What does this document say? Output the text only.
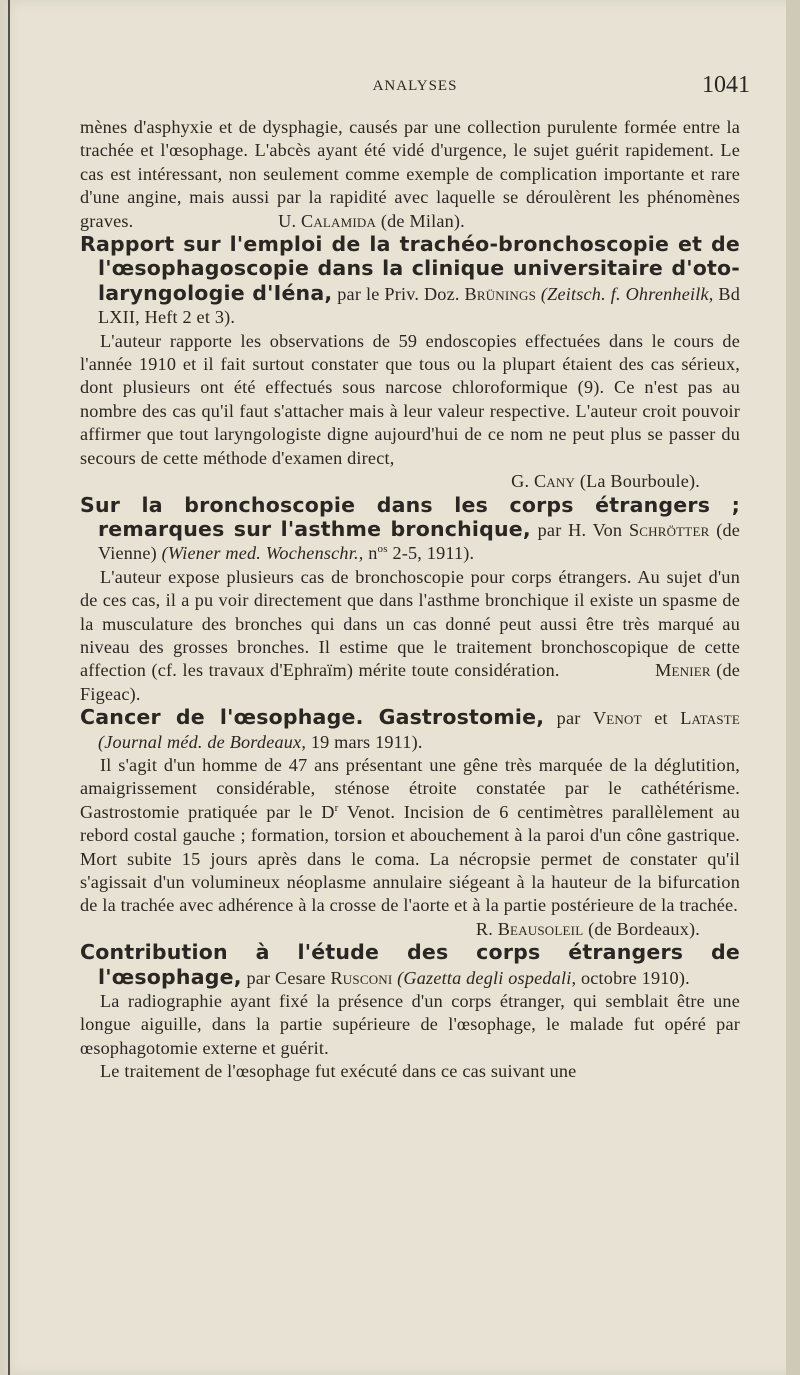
ANALYSES	1041

mènes d'asphyxie et de dysphagie, causés par une collection purulente formée entre la trachée et l'œsophage. L'abcès ayant été vidé d'urgence, le sujet guérit rapidement. Le cas est intéressant, non seulement comme exemple de complication importante et rare d'une angine, mais aussi par la rapidité avec laquelle se déroulèrent les phénomènes graves.	U. Calamida (de Milan).

Rapport sur l'emploi de la trachéo-bronchoscopie et de l'œsophagoscopie dans la clinique universitaire d'oto-laryngologie d'Iéna, par le Priv. Doz. Brünings (Zeitsch. f. Ohrenheilk, Bd LXII, Heft 2 et 3).

L'auteur rapporte les observations de 59 endoscopies effectuées dans le cours de l'année 1910 et il fait surtout constater que tous ou la plupart étaient des cas sérieux, dont plusieurs ont été effectués sous narcose chloroformique (9). Ce n'est pas au nombre des cas qu'il faut s'attacher mais à leur valeur respective. L'auteur croit pouvoir affirmer que tout laryngologiste digne aujourd'hui de ce nom ne peut plus se passer du secours de cette méthode d'examen direct,

G. Cany (La Bourboule).

Sur la bronchoscopie dans les corps étrangers ; remarques sur l'asthme bronchique, par H. Von Schrötter (de Vienne) (Wiener med. Wochenschr., $n^{os}$ 2-5, 1911).

L'auteur expose plusieurs cas de bronchoscopie pour corps étrangers. Au sujet d'un de ces cas, il a pu voir directement que dans l'asthme bronchique il existe un spasme de la musculature des bronches qui dans un cas donné peut aussi être très marqué au niveau des grosses bronches. Il estime que le traitement bronchoscopique de cette affection (cf. les travaux d'Ephraïm) mérite toute considération.	Menier (de Figeac).

Cancer de l'œsophage. Gastrostomie, par Venot et Lataste (Journal méd. de Bordeaux, 19 mars 1911).

Il s'agit d'un homme de 47 ans présentant une gêne très marquée de la déglutition, amaigrissement considérable, sténose étroite constatée par le cathétérisme. Gastrostomie pratiquée par le $D^r$ Venot. Incision de 6 centimètres parallèlement au rebord costal gauche ; formation, torsion et abouchement à la paroi d'un cône gastrique. Mort subite 15 jours après dans le coma. La nécropsie permet de constater qu'il s'agissait d'un volumineux néoplasme annulaire siégeant à la hauteur de la bifurcation de la trachée avec adhérence à la crosse de l'aorte et à la partie postérieure de la trachée.

R. Beausoleil (de Bordeaux).

Contribution à l'étude des corps étrangers de l'œsophage, par Cesare Rusconi (Gazetta degli ospedali, octobre 1910).

La radiographie ayant fixé la présence d'un corps étranger, qui semblait être une longue aiguille, dans la partie supérieure de l'œsophage, le malade fut opéré par œsophagotomie externe et guérit.

Le traitement de l'œsophage fut exécuté dans ce cas suivant une
